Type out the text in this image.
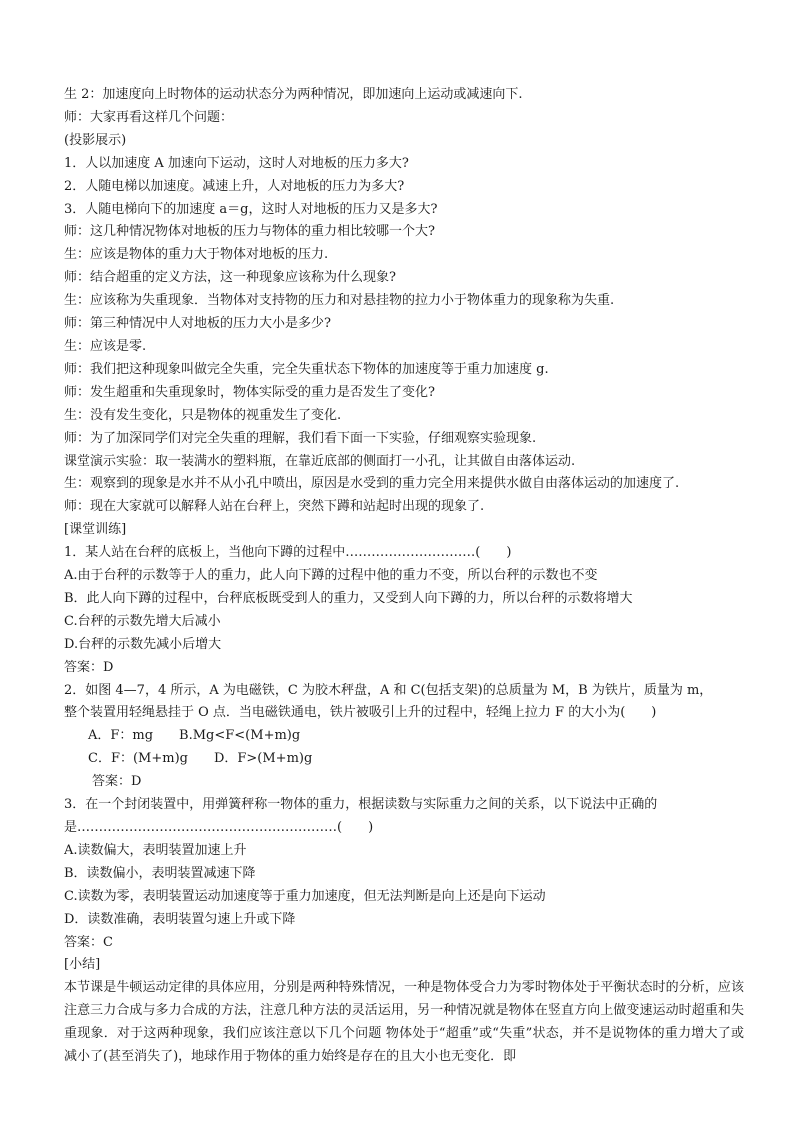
生 2：加速度向上时物体的运动状态分为两种情况，即加速向上运动或减速向下.
师：大家再看这样几个问题：
(投影展示)
1．人以加速度 A 加速向下运动，这时人对地板的压力多大?
2．人随电梯以加速度。减速上升，人对地板的压力为多大?
3．人随电梯向下的加速度 a＝g，这时人对地板的压力又是多大?
师：这几种情况物体对地板的压力与物体的重力相比较哪一个大?
生：应该是物体的重力大于物体对地板的压力.
师：结合超重的定义方法，这一种现象应该称为什么现象?
生：应该称为失重现象．当物体对支持物的压力和对悬挂物的拉力小于物体重力的现象称为失重.
师：第三种情况中人对地板的压力大小是多少?
生：应该是零.
师：我们把这种现象叫做完全失重，完全失重状态下物体的加速度等于重力加速度 g.
师：发生超重和失重现象时，物体实际受的重力是否发生了变化?
生：没有发生变化，只是物体的视重发生了变化.
师：为了加深同学们对完全失重的理解，我们看下面一下实验，仔细观察实验现象.
课堂演示实验：取一装满水的塑料瓶，在靠近底部的侧面打一小孔，让其做自由落体运动.
生：观察到的现象是水并不从小孔中喷出，原因是水受到的重力完全用来提供水做自由落体运动的加速度了.
师：现在大家就可以解释人站在台秤上，突然下蹲和站起时出现的现象了.
[课堂训练]
1．某人站在台秤的底板上，当他向下蹲的过程中…………………………(　　)
A.由于台秤的示数等于人的重力，此人向下蹲的过程中他的重力不变，所以台秤的示数也不变
B．此人向下蹲的过程中，台秤底板既受到人的重力，又受到人向下蹲的力，所以台秤的示数将增大
C.台秤的示数先增大后减小
D.台秤的示数先减小后增大
答案：D
2．如图 4—7，4 所示，A 为电磁铁，C 为胶木秤盘，A 和 C(包括支架)的总质量为 M，B 为铁片，质量为 m，
整个装置用轻绳悬挂于 O 点．当电磁铁通电，铁片被吸引上升的过程中，轻绳上拉力 F 的大小为(　　)
A．F：mg　　B.Mg<F<(M+m)g
C．F：(M+m)g　　D．F>(M+m)g
答案：D
3．在一个封闭装置中，用弹簧秤称一物体的重力，根据读数与实际重力之间的关系，以下说法中正确的
是……………………………………………………(　　)
A.读数偏大，表明装置加速上升
B．读数偏小，表明装置减速下降
C.读数为零，表明装置运动加速度等于重力加速度，但无法判断是向上还是向下运动
D．读数准确，表明装置匀速上升或下降
答案：C
[小结]
本节课是牛顿运动定律的具体应用，分别是两种特殊情况，一种是物体受合力为零时物体处于平衡状态时的分析，应该注意三力合成与多力合成的方法，注意几种方法的灵活运用，另一种情况就是物体在竖直方向上做变速运动时超重和失重现象．对于这两种现象，我们应该注意以下几个问题 物体处于“超重”或“失重”状态，并不是说物体的重力增大了或减小了(甚至消失了)，地球作用于物体的重力始终是存在的且大小也无变化．即
